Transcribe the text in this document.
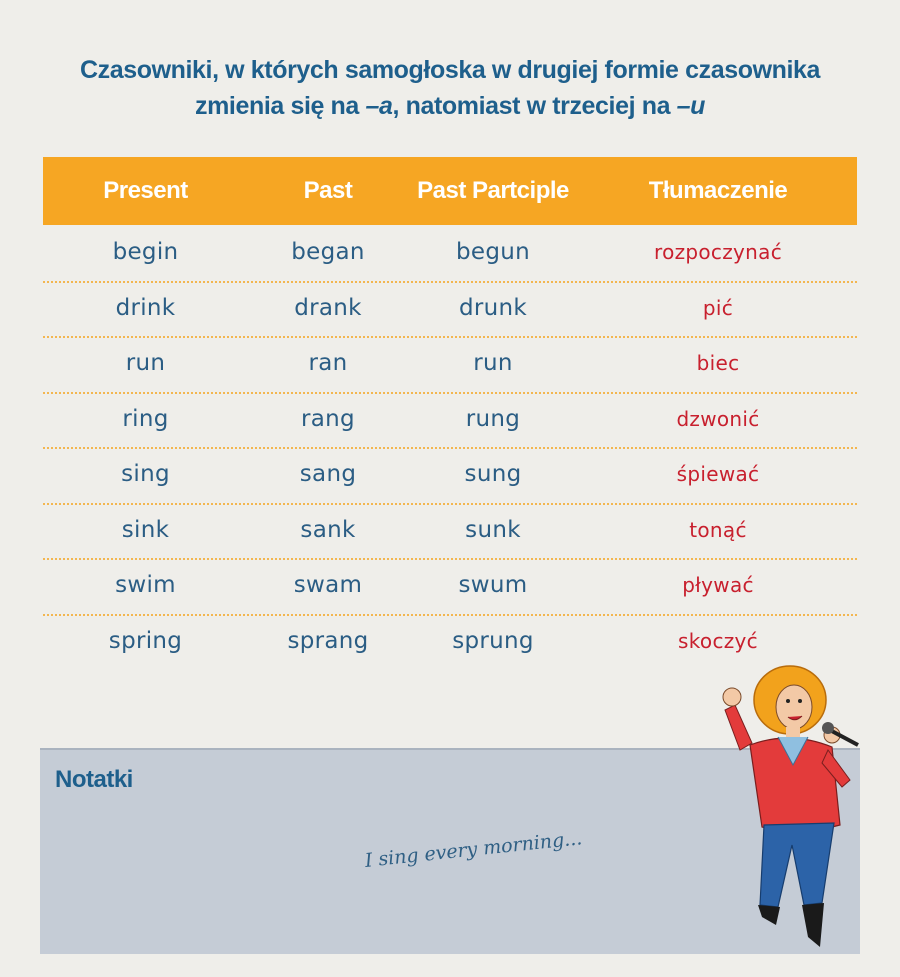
Czasowniki, w których samogłoska w drugiej formie czasownika
zmienia się na –a, natomiast w trzeciej na –u
Present	Past	Past Partciple	Tłumaczenie
begin	began	begun	rozpoczynać
drink	drank	drunk	pić
run	ran	run	biec
ring	rang	rung	dzwonić
sing	sang	sung	śpiewać
sink	sank	sunk	tonąć
swim	swam	swum	pływać
spring	sprang	sprung	skoczyć
Notatki
I sing every morning...
